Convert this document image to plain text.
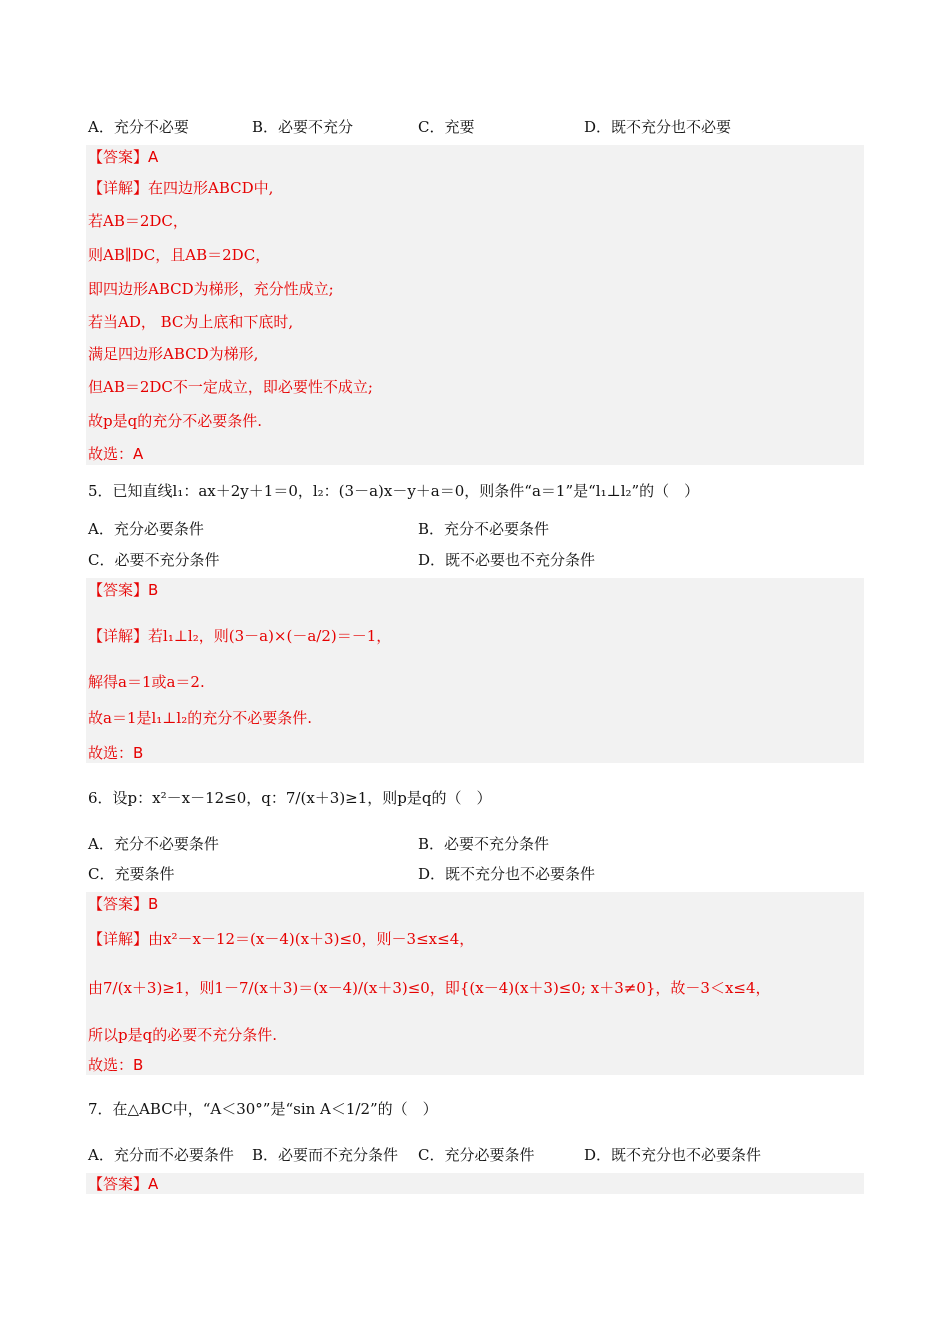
A．充分不必要	B．必要不充分	C．充要	D．既不充分也不必要
【答案】A
【详解】在四边形ABCD中,
若AB＝2DC，
则AB∥DC，且AB＝2DC，
即四边形ABCD为梯形，充分性成立;
若当AD， BC为上底和下底时,
满足四边形ABCD为梯形,
但AB＝2DC不一定成立，即必要性不成立;
故p是q的充分不必要条件.
故选：A
5．已知直线l₁：ax＋2y＋1＝0，l₂：(3－a)x－y＋a＝0，则条件“a＝1”是“l₁⊥l₂”的（　）
A．充分必要条件	B．充分不必要条件
C．必要不充分条件	D．既不必要也不充分条件
【答案】B
【详解】若l₁⊥l₂，则(3－a)×(－a/2)＝－1，
解得a＝1或a＝2.
故a＝1是l₁⊥l₂的充分不必要条件.
故选：B
6．设p：x²－x－12≤0，q：7/(x＋3)≥1，则p是q的（　）
A．充分不必要条件	B．必要不充分条件
C．充要条件	D．既不充分也不必要条件
【答案】B
【详解】由x²－x－12＝(x－4)(x＋3)≤0，则－3≤x≤4，
由7/(x＋3)≥1，则1－7/(x＋3)＝(x－4)/(x＋3)≤0，即{(x－4)(x＋3)≤0; x＋3≠0}，故－3＜x≤4，
所以p是q的必要不充分条件.
故选：B
7．在△ABC中，“A＜30°”是“sin A＜1/2”的（　）
A．充分而不必要条件 B．必要而不充分条件 C．充分必要条件	D．既不充分也不必要条件
【答案】A
